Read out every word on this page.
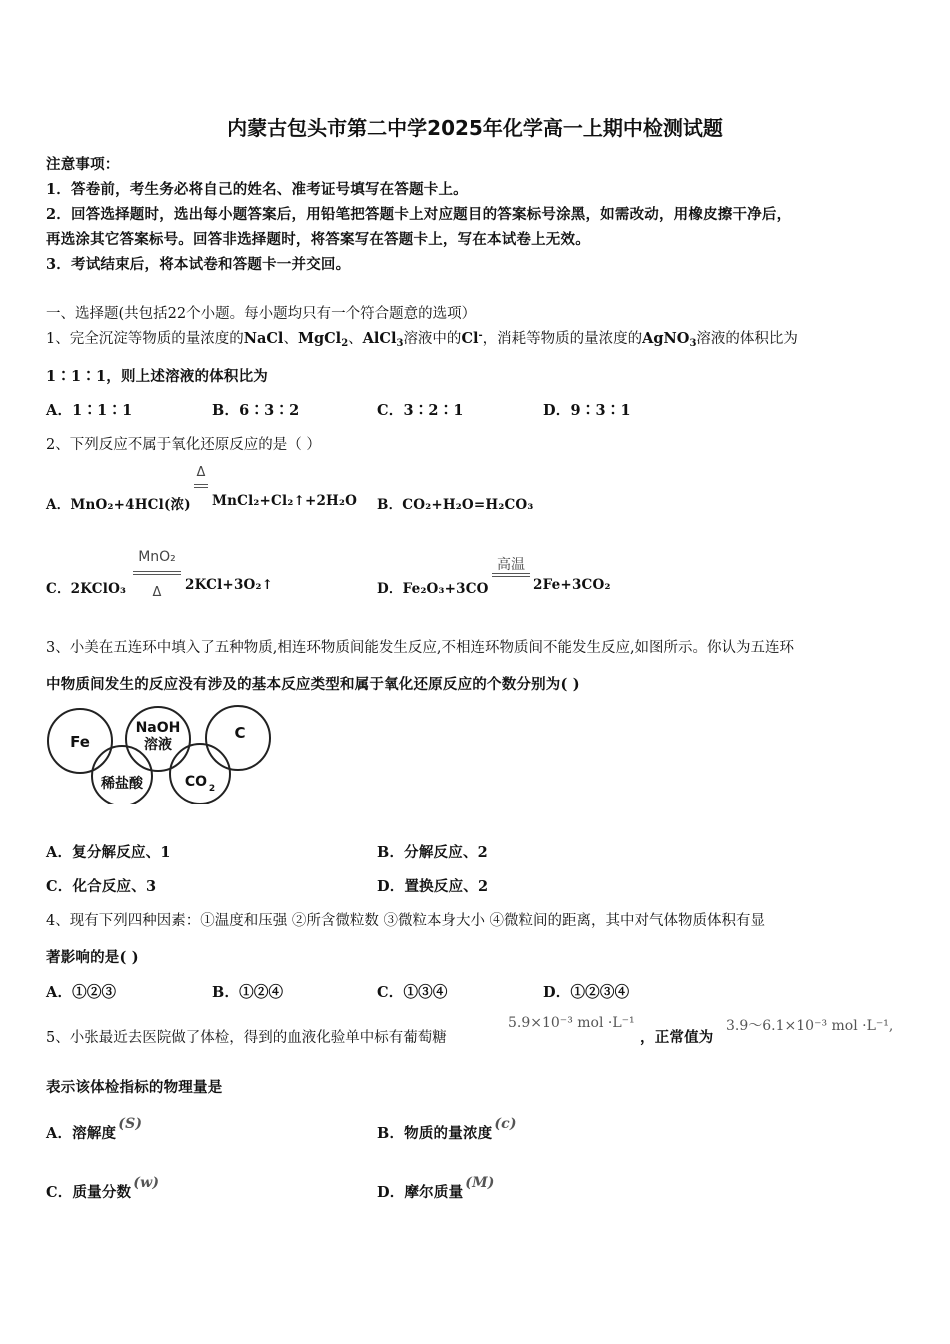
内蒙古包头市第二中学2025年化学高一上期中检测试题
注意事项：
1．答卷前，考生务必将自己的姓名、准考证号填写在答题卡上。
2．回答选择题时，选出每小题答案后，用铅笔把答题卡上对应题目的答案标号涂黑，如需改动，用橡皮擦干净后，
再选涂其它答案标号。回答非选择题时，将答案写在答题卡上，写在本试卷上无效。
3．考试结束后，将本试卷和答题卡一并交回。
一、选择题(共包括22个小题。每小题均只有一个符合题意的选项）
1、完全沉淀等物质的量浓度的NaCl、MgCl$_2$、AlCl$_3$溶液中的Cl-，消耗等物质的量浓度的AgNO$_3$溶液的体积比为
1∶1∶1，则上述溶液的体积比为
A．1∶1∶1	B．6∶3∶2	C．3∶2∶1	D．9∶3∶1
2、下列反应不属于氧化还原反应的是（ ）
A．MnO₂+4HCl(浓)
Δ
MnCl₂+Cl₂↑+2H₂O B．CO₂+H₂O=H₂CO₃
C．2KClO₃
MnO₂
Δ	2KCl+3O₂↑	D．Fe₂O₃+3CO
高温
2Fe+3CO₂
3、小美在五连环中填入了五种物质,相连环物质间能发生反应,不相连环物质间不能发生反应,如图所示。你认为五连环
中物质间发生的反应没有涉及的基本反应类型和属于氧化还原反应的个数分别为( )
Fe
NaOH
溶液
C
稀盐酸	CO 2
A．复分解反应、1	B．分解反应、2
C．化合反应、3	D．置换反应、2
4、现有下列四种因素：①温度和压强 ②所含微粒数 ③微粒本身大小 ④微粒间的距离，其中对气体物质体积有显
著影响的是( )
A．①②③	B．①②④	C．①③④	D．①②③④
5、小张最近去医院做了体检，得到的血液化验单中标有葡萄糖
5.9×10⁻³ mol ·L⁻¹
，正常值为
3.9～6.1×10⁻³ mol ·L⁻¹,
表示该体检指标的物理量是
A．溶解度(S)
B．物质的量浓度(c)
C．质量分数(w)
D．摩尔质量(M)
